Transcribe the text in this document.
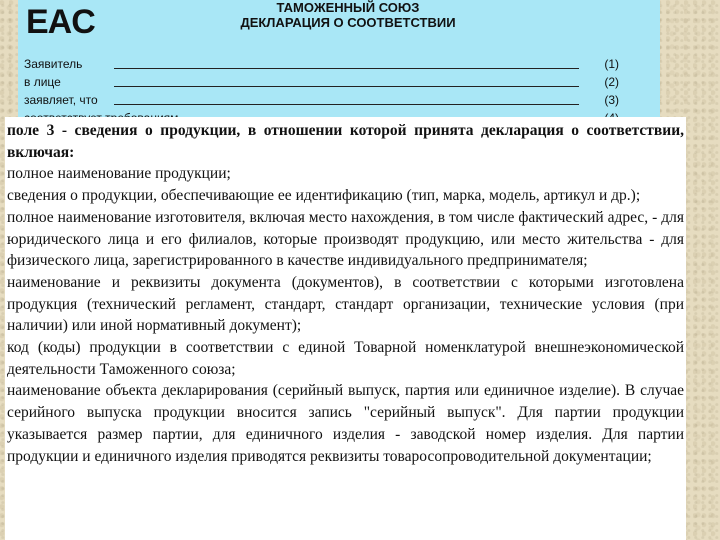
EAC	ТАМОЖЕННЫЙ СОЮЗ
ДЕКЛАРАЦИЯ О СООТВЕТСТВИИ
Заявитель	(1)
в лице	(2)
заявляет, что	(3)

поле 3 - сведения о продукции, в отношении которой принята декларация о соответствии, включая:

полное наименование продукции;

сведения о продукции, обеспечивающие ее идентификацию (тип, марка, модель, артикул и др.);

полное наименование изготовителя, включая место нахождения, в том числе фактический адрес, - для юридического лица и его филиалов, которые производят продукцию, или место жительства - для физического лица, зарегистрированного в качестве индивидуального предпринимателя;

наименование и реквизиты документа (документов), в соответствии с которыми изготовлена продукция (технический регламент, стандарт, стандарт организации, технические условия (при наличии) или иной нормативный документ);

код (коды) продукции в соответствии с единой Товарной номенклатурой внешнеэкономической деятельности Таможенного союза;

наименование объекта декларирования (серийный выпуск, партия или единичное изделие). В случае серийного выпуска продукции вносится запись "серийный выпуск". Для партии продукции указывается размер партии, для единичного изделия - заводской номер изделия. Для партии продукции и единичного изделия приводятся реквизиты товаросопроводительной документации;
